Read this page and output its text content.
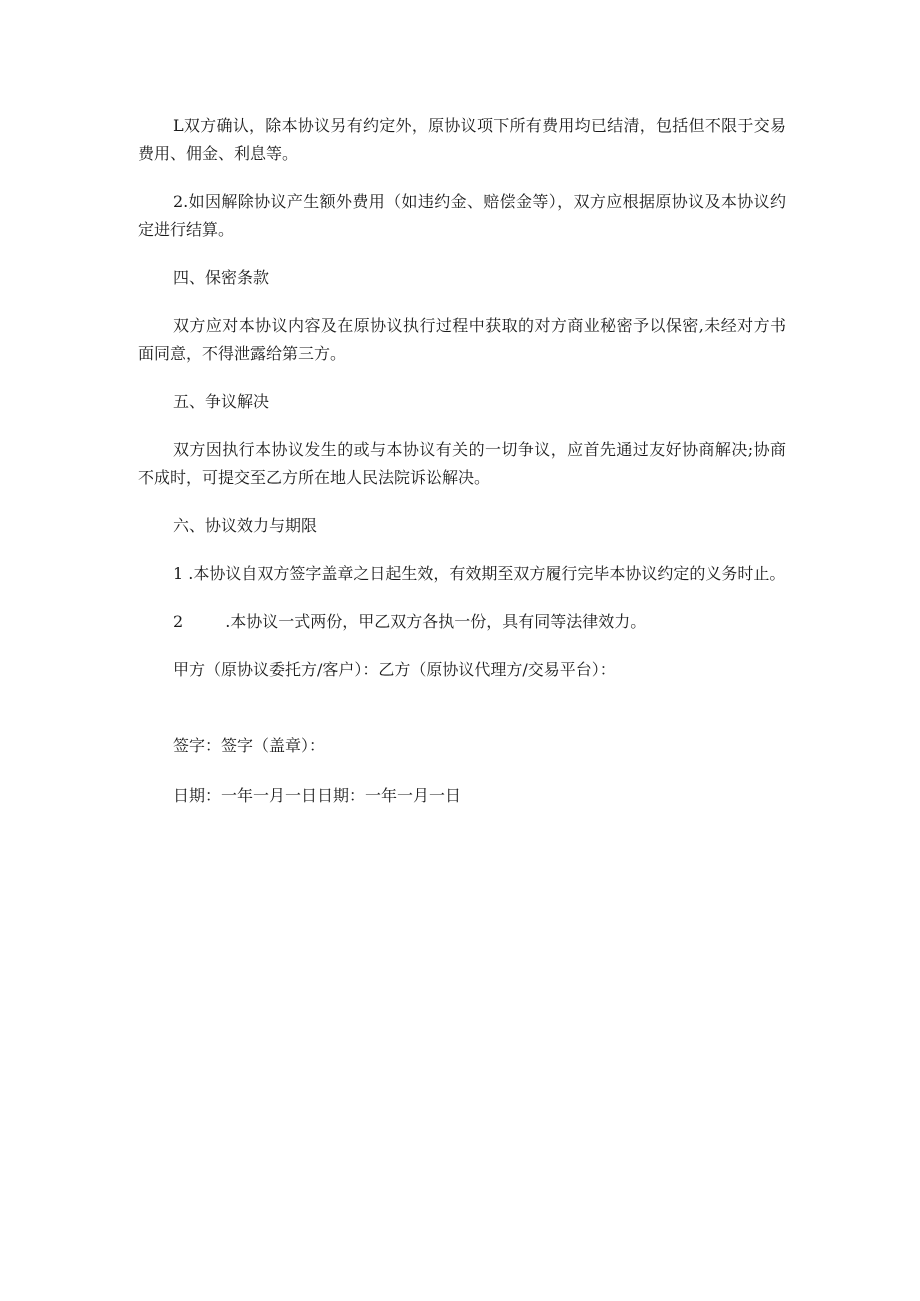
L双方确认，除本协议另有约定外，原协议项下所有费用均已结清，包括但不限于交易费用、佣金、利息等。

2.如因解除协议产生额外费用（如违约金、赔偿金等），双方应根据原协议及本协议约定进行结算。

四、保密条款

双方应对本协议内容及在原协议执行过程中获取的对方商业秘密予以保密,未经对方书面同意，不得泄露给第三方。

五、争议解决

双方因执行本协议发生的或与本协议有关的一切争议，应首先通过友好协商解决;协商不成时，可提交至乙方所在地人民法院诉讼解决。

六、协议效力与期限

1 .本协议自双方签字盖章之日起生效，有效期至双方履行完毕本协议约定的义务时止。

2	.本协议一式两份，甲乙双方各执一份，具有同等法律效力。

甲方（原协议委托方/客户）：乙方（原协议代理方/交易平台）：

签字：签字（盖章）：

日期：一年一月一日日期：一年一月一日
